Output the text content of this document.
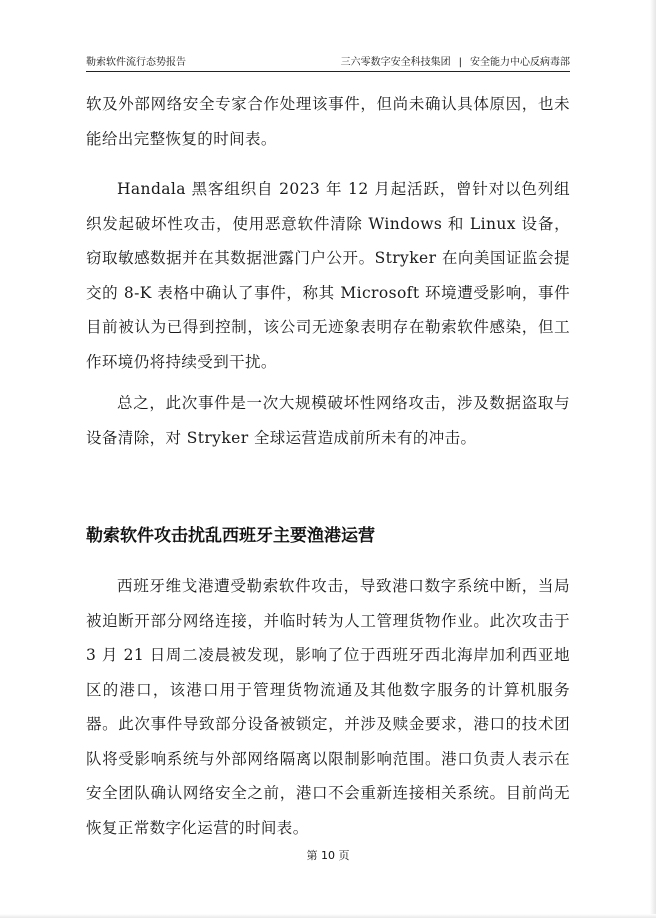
勒索软件流行态势报告	三六零数字安全科技集团 | 安全能力中心反病毒部

软及外部网络安全专家合作处理该事件，但尚未确认具体原因，也未能给出完整恢复的时间表。

Handala 黑客组织自 2023 年 12 月起活跃，曾针对以色列组织发起破坏性攻击，使用恶意软件清除 Windows 和 Linux 设备，窃取敏感数据并在其数据泄露门户公开。Stryker 在向美国证监会提交的 8-K 表格中确认了事件，称其 Microsoft 环境遭受影响，事件目前被认为已得到控制，该公司无迹象表明存在勒索软件感染，但工作环境仍将持续受到干扰。

总之，此次事件是一次大规模破坏性网络攻击，涉及数据盗取与设备清除，对 Stryker 全球运营造成前所未有的冲击。

勒索软件攻击扰乱西班牙主要渔港运营

西班牙维戈港遭受勒索软件攻击，导致港口数字系统中断，当局被迫断开部分网络连接，并临时转为人工管理货物作业。此次攻击于 3 月 21 日周二凌晨被发现，影响了位于西班牙西北海岸加利西亚地区的港口，该港口用于管理货物流通及其他数字服务的计算机服务器。此次事件导致部分设备被锁定，并涉及赎金要求，港口的技术团队将受影响系统与外部网络隔离以限制影响范围。港口负责人表示在安全团队确认网络安全之前，港口不会重新连接相关系统。目前尚无恢复正常数字化运营的时间表。

第 10 页
